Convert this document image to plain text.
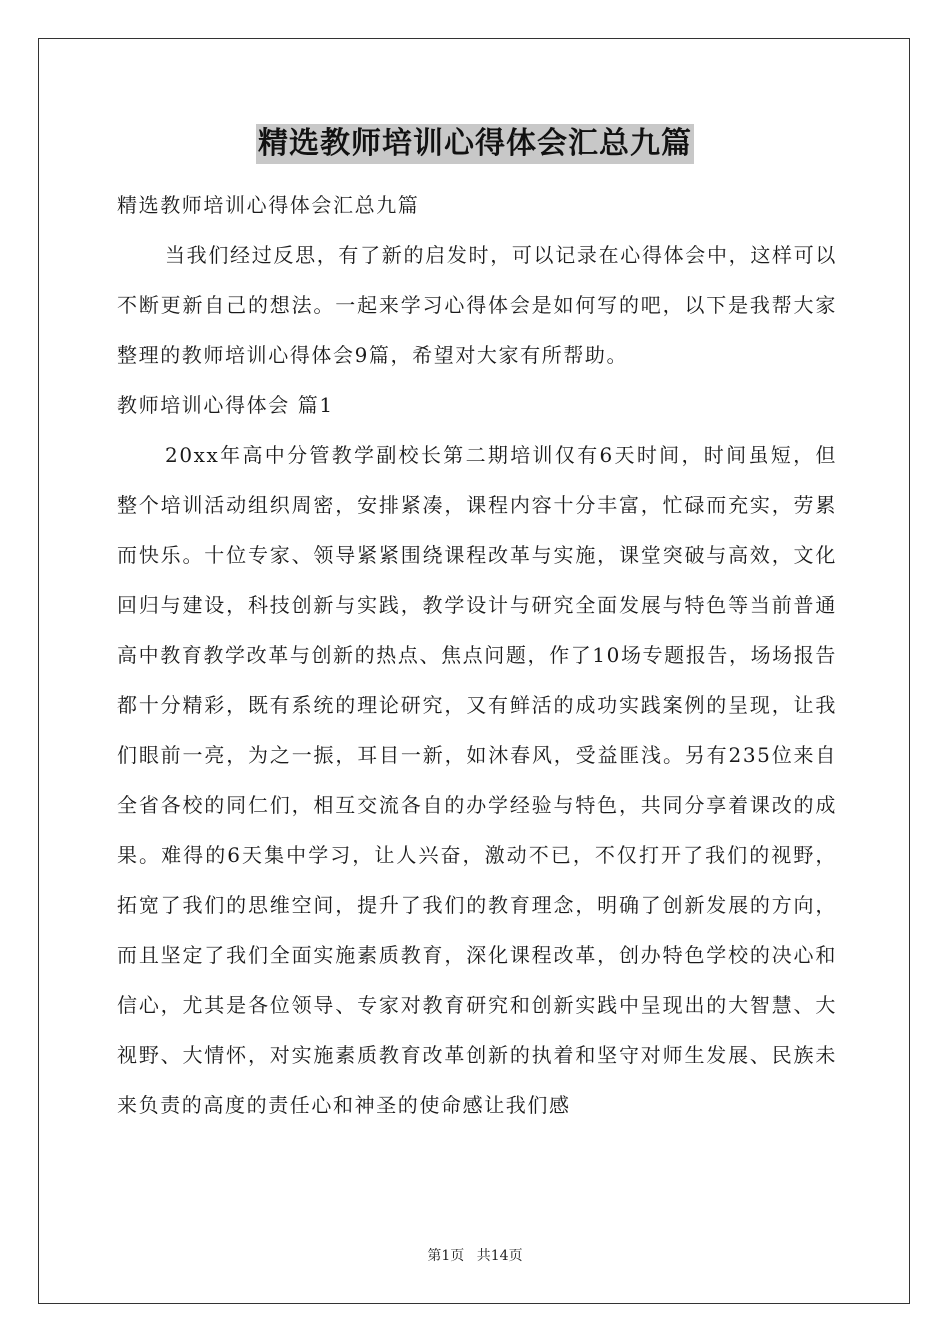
精选教师培训心得体会汇总九篇

精选教师培训心得体会汇总九篇

当我们经过反思，有了新的启发时，可以记录在心得体会中，这样可以不断更新自己的想法。一起来学习心得体会是如何写的吧，以下是我帮大家整理的教师培训心得体会9篇，希望对大家有所帮助。

教师培训心得体会 篇1

20xx年高中分管教学副校长第二期培训仅有6天时间，时间虽短，但整个培训活动组织周密，安排紧凑，课程内容十分丰富，忙碌而充实，劳累而快乐。十位专家、领导紧紧围绕课程改革与实施，课堂突破与高效，文化回归与建设，科技创新与实践，教学设计与研究全面发展与特色等当前普通高中教育教学改革与创新的热点、焦点问题，作了10场专题报告，场场报告都十分精彩，既有系统的理论研究，又有鲜活的成功实践案例的呈现，让我们眼前一亮，为之一振，耳目一新，如沐春风，受益匪浅。另有235位来自全省各校的同仁们，相互交流各自的办学经验与特色，共同分享着课改的成果。难得的6天集中学习，让人兴奋，激动不已，不仅打开了我们的视野，拓宽了我们的思维空间，提升了我们的教育理念，明确了创新发展的方向，而且坚定了我们全面实施素质教育，深化课程改革，创办特色学校的决心和信心，尤其是各位领导、专家对教育研究和创新实践中呈现出的大智慧、大视野、大情怀，对实施素质教育改革创新的执着和坚守对师生发展、民族未来负责的高度的责任心和神圣的使命感让我们感

第1页 共14页
